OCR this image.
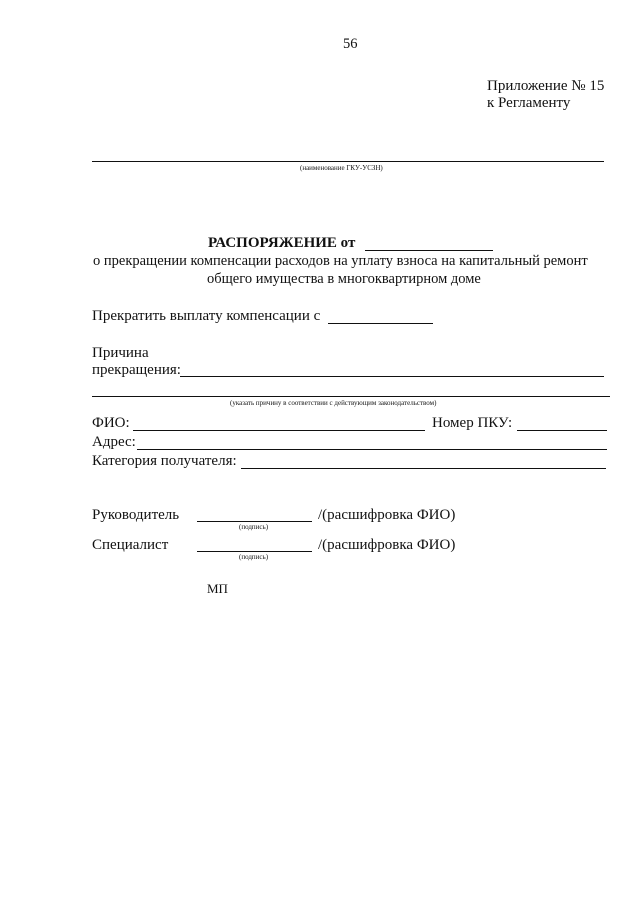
56
Приложение № 15
к Регламенту
(наименование ГКУ-УСЗН)
РАСПОРЯЖЕНИЕ от
о прекращении компенсации расходов на уплату взноса на капитальный ремонт
общего имущества в многоквартирном доме
Прекратить выплату компенсации с
Причина
прекращения:
(указать причину в соответствии с действующим законодательством)
ФИО:	Номер ПКУ:
Адрес:
Категория получателя:
Руководитель
(подпись)
/(расшифровка ФИО)
Специалист
(подпись)
/(расшифровка ФИО)
МП
